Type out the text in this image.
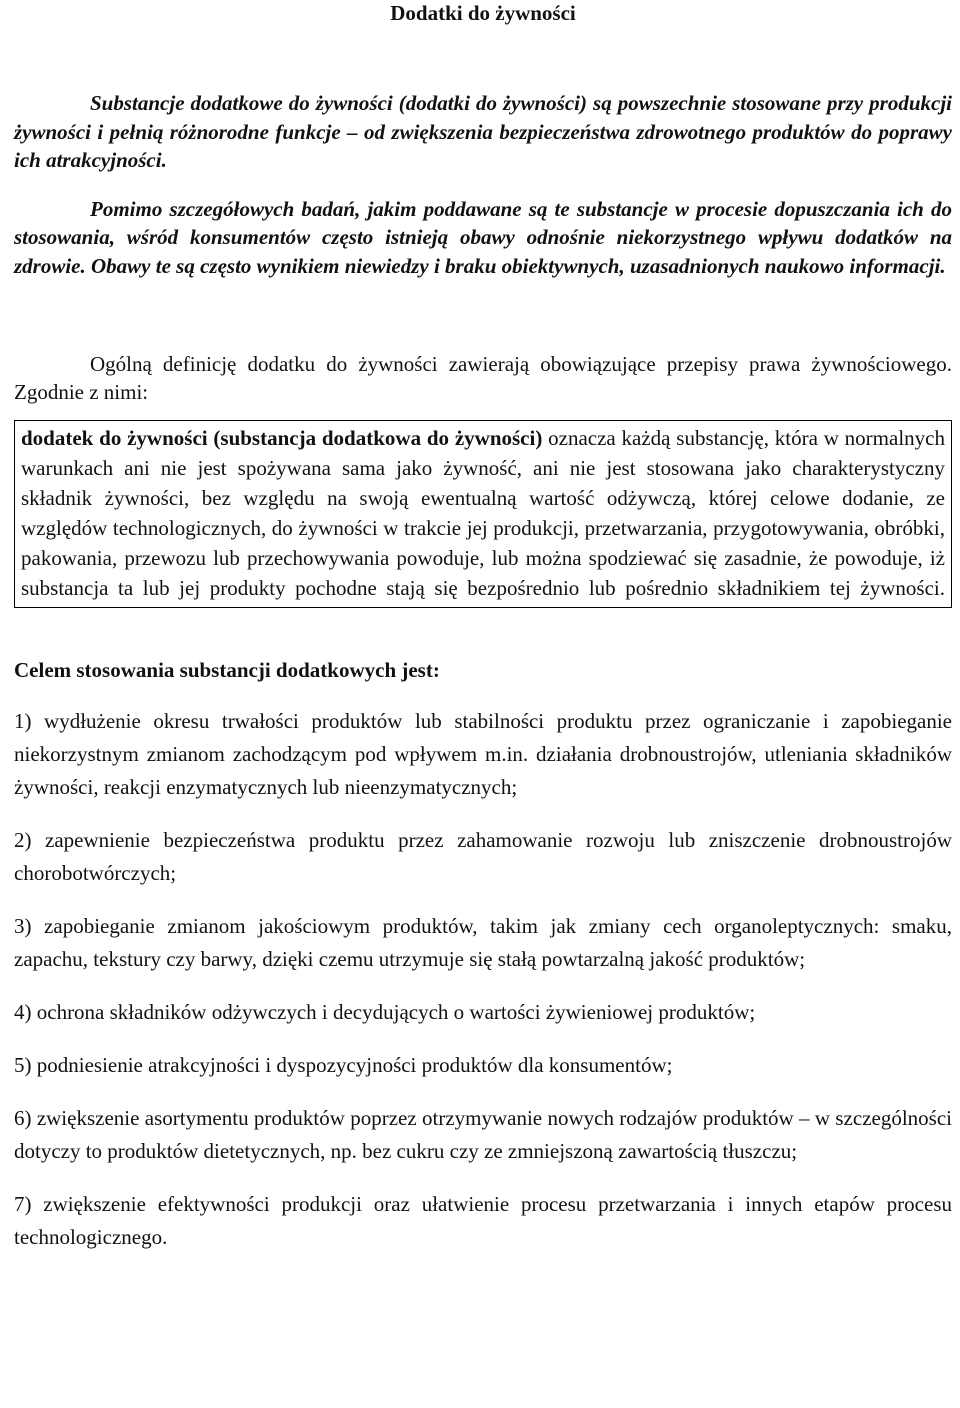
Dodatki do żywności

Substancje dodatkowe do żywności (dodatki do żywności) są powszechnie stosowane przy produkcji żywności i pełnią różnorodne funkcje – od zwiększenia bezpieczeństwa zdrowotnego produktów do poprawy ich atrakcyjności.

Pomimo szczegółowych badań, jakim poddawane są te substancje w procesie dopuszczania ich do stosowania, wśród konsumentów często istnieją obawy odnośnie niekorzystnego wpływu dodatków na zdrowie. Obawy te są często wynikiem niewiedzy i braku obiektywnych, uzasadnionych naukowo informacji.

Ogólną definicję dodatku do żywności zawierają obowiązujące przepisy prawa żywnościowego. Zgodnie z nimi:

dodatek do żywności (substancja dodatkowa do żywności) oznacza każdą substancję, która w normalnych warunkach ani nie jest spożywana sama jako żywność, ani nie jest stosowana jako charakterystyczny składnik żywności, bez względu na swoją ewentualną wartość odżywczą, której celowe dodanie, ze względów technologicznych, do żywności w trakcie jej produkcji, przetwarzania, przygotowywania, obróbki, pakowania, przewozu lub przechowywania powoduje, lub można spodziewać się zasadnie, że powoduje, iż substancja ta lub jej produkty pochodne stają się bezpośrednio lub pośrednio składnikiem tej żywności.

Celem stosowania substancji dodatkowych jest:

1) wydłużenie okresu trwałości produktów lub stabilności produktu przez ograniczanie i zapobieganie niekorzystnym zmianom zachodzącym pod wpływem m.in. działania drobnoustrojów, utleniania składników żywności, reakcji enzymatycznych lub nieenzymatycznych;

2) zapewnienie bezpieczeństwa produktu przez zahamowanie rozwoju lub zniszczenie drobnoustrojów chorobotwórczych;

3) zapobieganie zmianom jakościowym produktów, takim jak zmiany cech organoleptycznych: smaku, zapachu, tekstury czy barwy, dzięki czemu utrzymuje się stałą powtarzalną jakość produktów;

4) ochrona składników odżywczych i decydujących o wartości żywieniowej produktów;

5) podniesienie atrakcyjności i dyspozycyjności produktów dla konsumentów;

6) zwiększenie asortymentu produktów poprzez otrzymywanie nowych rodzajów produktów – w szczególności dotyczy to produktów dietetycznych, np. bez cukru czy ze zmniejszoną zawartością tłuszczu;

7) zwiększenie efektywności produkcji oraz ułatwienie procesu przetwarzania i innych etapów procesu technologicznego.
